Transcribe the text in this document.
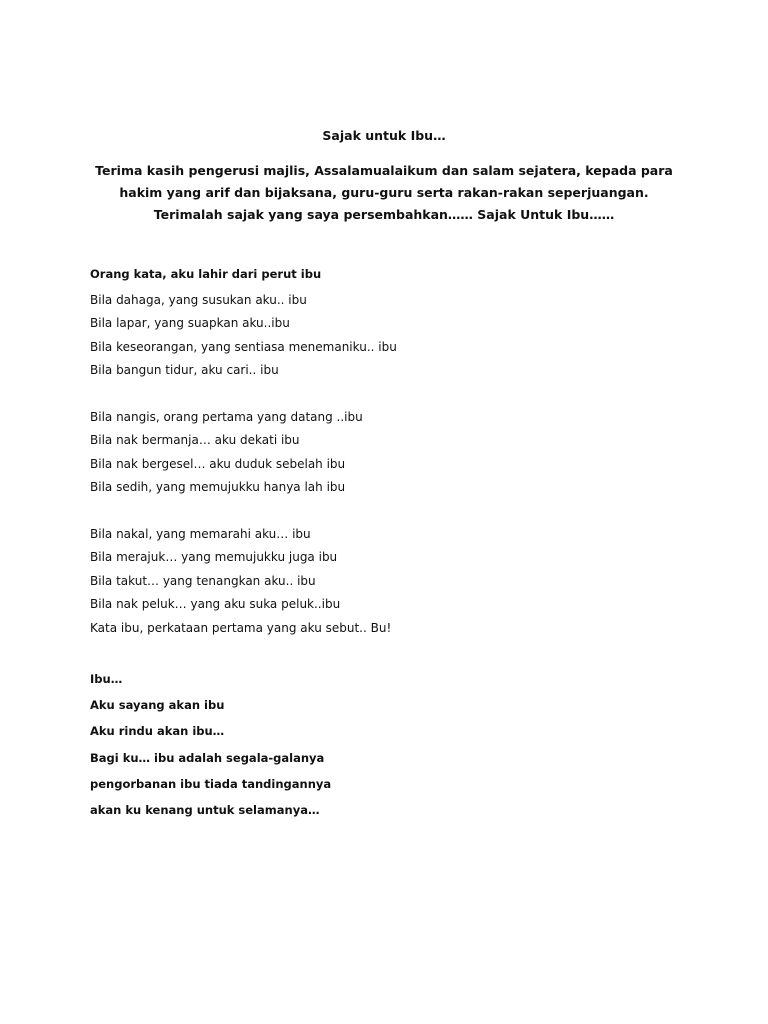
Sajak untuk Ibu…
Terima kasih pengerusi majlis, Assalamualaikum dan salam sejatera, kepada para hakim yang arif dan bijaksana, guru-guru serta rakan-rakan seperjuangan. Terimalah sajak yang saya persembahkan…… Sajak Untuk Ibu……
Orang kata, aku lahir dari perut ibu
Bila dahaga, yang susukan aku.. ibu
Bila lapar, yang suapkan aku..ibu
Bila keseorangan, yang sentiasa menemaniku.. ibu
Bila bangun tidur, aku cari.. ibu
Bila nangis, orang pertama yang datang ..ibu
Bila nak bermanja… aku dekati ibu
Bila nak bergesel… aku duduk sebelah ibu
Bila sedih, yang memujukku hanya lah ibu
Bila nakal, yang memarahi aku… ibu
Bila merajuk… yang memujukku juga ibu
Bila takut… yang tenangkan aku.. ibu
Bila nak peluk… yang aku suka peluk..ibu
Kata ibu, perkataan pertama yang aku sebut.. Bu!
Ibu…
Aku sayang akan ibu
Aku rindu akan ibu…
Bagi ku… ibu adalah segala-galanya
pengorbanan ibu tiada tandingannya
akan ku kenang untuk selamanya…
